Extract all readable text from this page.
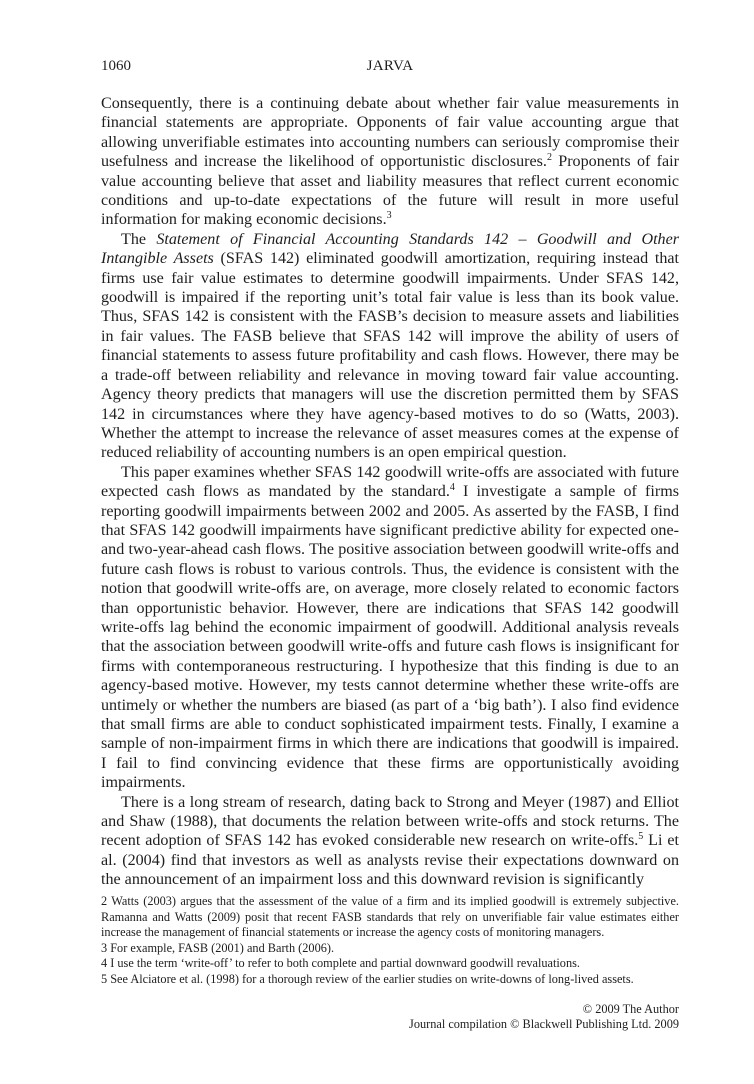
1060	JARVA

Consequently, there is a continuing debate about whether fair value measurements in financial statements are appropriate. Opponents of fair value accounting argue that allowing unverifiable estimates into accounting numbers can seriously compromise their usefulness and increase the likelihood of opportunistic disclosures.$^2$ Proponents of fair value accounting believe that asset and liability measures that reflect current economic conditions and up-to-date expectations of the future will result in more useful information for making economic decisions.$^3$

The Statement of Financial Accounting Standards 142 – Goodwill and Other Intangible Assets (SFAS 142) eliminated goodwill amortization, requiring instead that firms use fair value estimates to determine goodwill impairments. Under SFAS 142, goodwill is impaired if the reporting unit’s total fair value is less than its book value. Thus, SFAS 142 is consistent with the FASB’s decision to measure assets and liabilities in fair values. The FASB believe that SFAS 142 will improve the ability of users of financial statements to assess future profitability and cash flows. However, there may be a trade-off between reliability and relevance in moving toward fair value accounting. Agency theory predicts that managers will use the discretion permitted them by SFAS 142 in circumstances where they have agency-based motives to do so (Watts, 2003). Whether the attempt to increase the relevance of asset measures comes at the expense of reduced reliability of accounting numbers is an open empirical question.

This paper examines whether SFAS 142 goodwill write-offs are associated with future expected cash flows as mandated by the standard.$^4$ I investigate a sample of firms reporting goodwill impairments between 2002 and 2005. As asserted by the FASB, I find that SFAS 142 goodwill impairments have significant predictive ability for expected one- and two-year-ahead cash flows. The positive association between goodwill write-offs and future cash flows is robust to various controls. Thus, the evidence is consistent with the notion that goodwill write-offs are, on average, more closely related to economic factors than opportunistic behavior. However, there are indications that SFAS 142 goodwill write-offs lag behind the economic impairment of goodwill. Additional analysis reveals that the association between goodwill write-offs and future cash flows is insignificant for firms with contemporaneous restructuring. I hypothesize that this finding is due to an agency-based motive. However, my tests cannot determine whether these write-offs are untimely or whether the numbers are biased (as part of a ‘big bath’). I also find evidence that small firms are able to conduct sophisticated impairment tests. Finally, I examine a sample of non-impairment firms in which there are indications that goodwill is impaired. I fail to find convincing evidence that these firms are opportunistically avoiding impairments.

There is a long stream of research, dating back to Strong and Meyer (1987) and Elliot and Shaw (1988), that documents the relation between write-offs and stock returns. The recent adoption of SFAS 142 has evoked considerable new research on write-offs.$^5$ Li et al. (2004) find that investors as well as analysts revise their expectations downward on the announcement of an impairment loss and this downward revision is significantly

2 Watts (2003) argues that the assessment of the value of a firm and its implied goodwill is extremely subjective. Ramanna and Watts (2009) posit that recent FASB standards that rely on unverifiable fair value estimates either increase the management of financial statements or increase the agency costs of monitoring managers.

3 For example, FASB (2001) and Barth (2006).

4 I use the term ‘write-off’ to refer to both complete and partial downward goodwill revaluations.

5 See Alciatore et al. (1998) for a thorough review of the earlier studies on write-downs of long-lived assets.

© 2009 The Author

Journal compilation © Blackwell Publishing Ltd. 2009
